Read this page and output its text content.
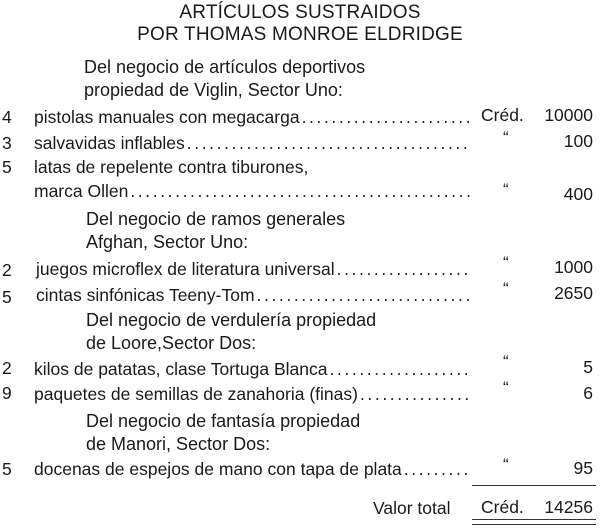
ARTÍCULOS SUSTRAIDOS
POR THOMAS MONROE ELDRIDGE
Del negocio de artículos deportivos
propiedad de Viglin, Sector Uno:
4	pistolas manuales con megacarga .....	Créd.	10000
3	salvavidas inflables .....	“	100
5	latas de repelente contra tiburones,
marca Ollen .....	“	400
Del negocio de ramos generales
Afghan, Sector Uno:
2	juegos microflex de literatura universal .....	“	1000
5	cintas sinfónicas Teeny-Tom .....	“	2650
Del negocio de verdulería propiedad
de Loore,Sector Dos:
2	kilos de patatas, clase Tortuga Blanca .....	“	5
9	paquetes de semillas de zanahoria (finas) .....	“	6
Del negocio de fantasía propiedad
de Manori, Sector Dos:
5	docenas de espejos de mano con tapa de plata .....	“	95
Valor total Créd.	14256
